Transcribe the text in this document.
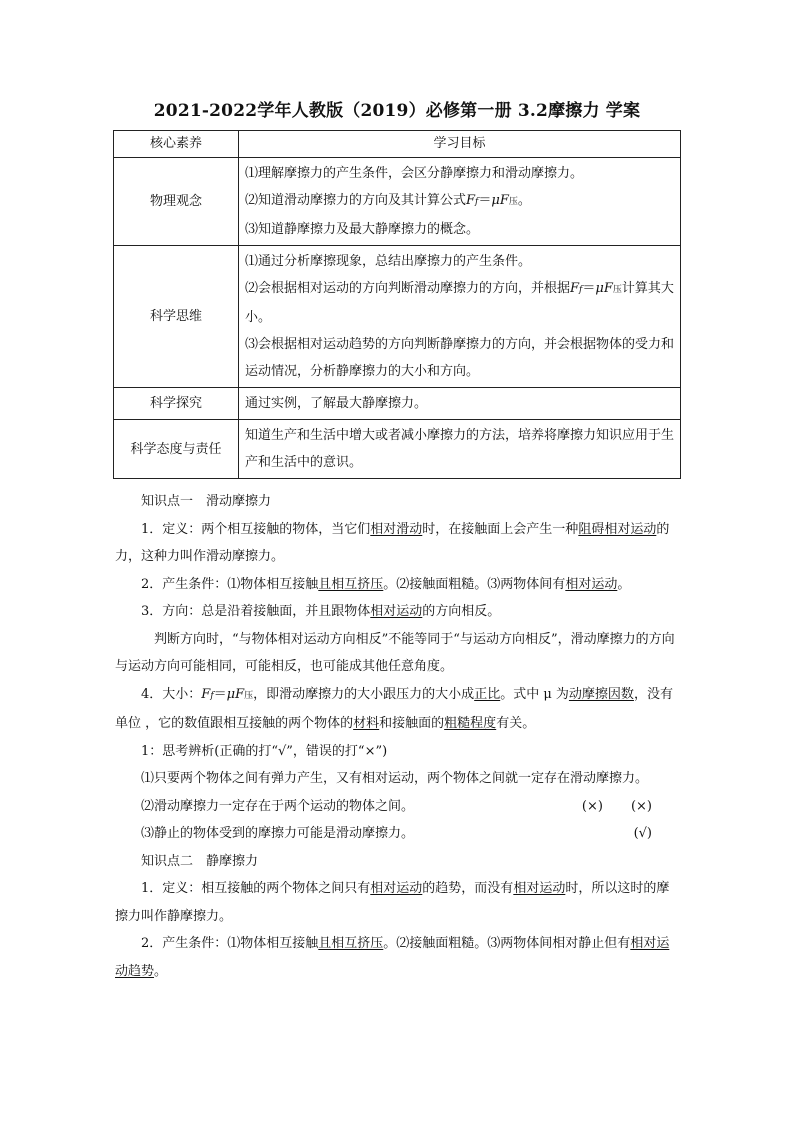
2021-2022学年人教版（2019）必修第一册 3.2摩擦力 学案
核心素养	学习目标
物理观念	⑴理解摩擦力的产生条件，会区分静摩擦力和滑动摩擦力。
⑵知道滑动摩擦力的方向及其计算公式Ff＝μF压。
⑶知道静摩擦力及最大静摩擦力的概念。

科学思维	⑴通过分析摩擦现象，总结出摩擦力的产生条件。
⑵会根据相对运动的方向判断滑动摩擦力的方向，并根据Ff＝μF压计算其大小。
⑶会根据相对运动趋势的方向判断静摩擦力的方向，并会根据物体的受力和运动情况，分析静摩擦力的大小和方向。

科学探究	通过实例，了解最大静摩擦力。
科学态度与责任	知道生产和生活中增大或者减小摩擦力的方法，培养将摩擦力知识应用于生产和生活中的意识。

知识点一　滑动摩擦力

1．定义：两个相互接触的物体，当它们相对滑动时，在接触面上会产生一种阻碍相对运动的力，这种力叫作滑动摩擦力。

2．产生条件：⑴物体相互接触且相互挤压。⑵接触面粗糙。⑶两物体间有相对运动。

3．方向：总是沿着接触面，并且跟物体相对运动的方向相反。

判断方向时，“与物体相对运动方向相反”不能等同于“与运动方向相反”，滑动摩擦力的方向与运动方向可能相同，可能相反，也可能成其他任意角度。

4．大小：Ff＝μF压，即滑动摩擦力的大小跟压力的大小成正比。式中 μ 为动摩擦因数，没有单位 ，它的数值跟相互接触的两个物体的材料和接触面的粗糙程度有关。

1：思考辨析(正确的打“√”，错误的打“×”)

⑴只要两个物体之间有弹力产生，又有相对运动，两个物体之间就一定存在滑动摩擦力。
(×)

⑵滑动摩擦力一定存在于两个运动的物体之间。	(×)

⑶静止的物体受到的摩擦力可能是滑动摩擦力。	(√)

知识点二　静摩擦力

1．定义：相互接触的两个物体之间只有相对运动的趋势，而没有相对运动时，所以这时的摩擦力叫作静摩擦力。

2．产生条件：⑴物体相互接触且相互挤压。⑵接触面粗糙。⑶两物体间相对静止但有相对运动趋势。
